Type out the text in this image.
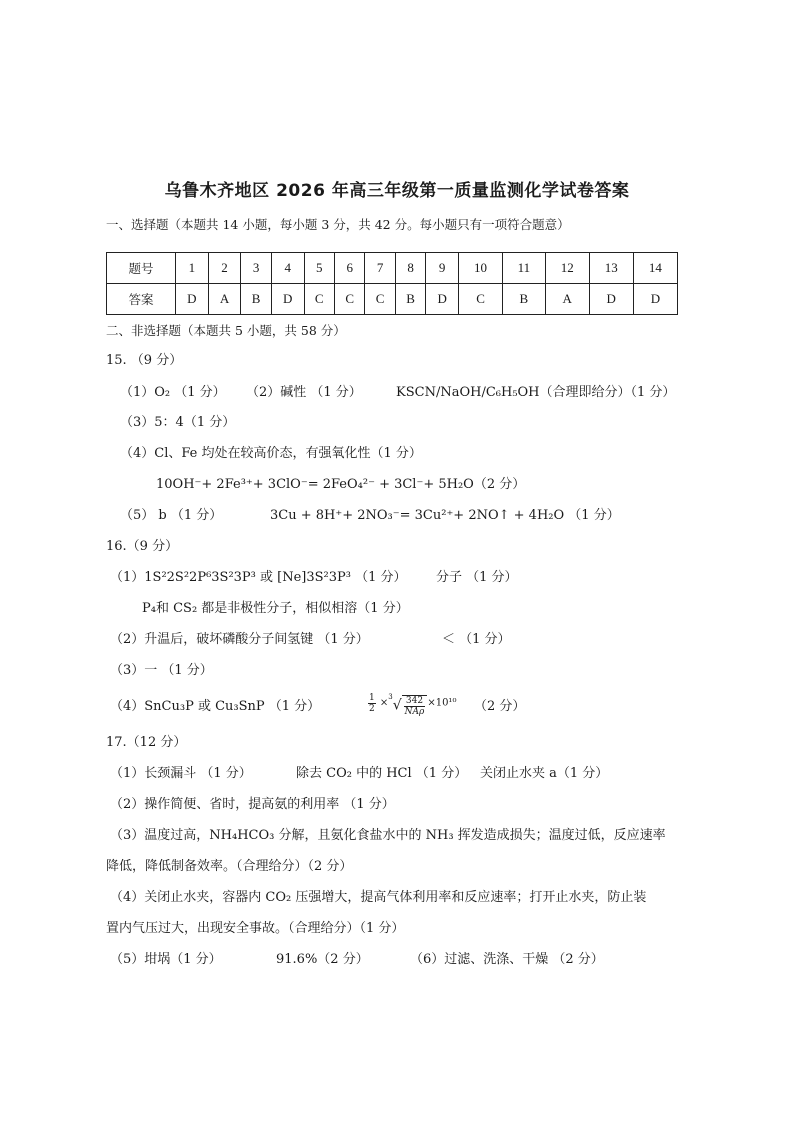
乌鲁木齐地区 2026 年高三年级第一质量监测化学试卷答案
一、选择题（本题共 14 小题，每小题 3 分，共 42 分。每小题只有一项符合题意）
题号	1	2	3	4	5	6	7	8	9	10	11	12	13	14
答案	D	A	B	D	C	C	C	B	D	C	B	A	D	D
二、非选择题（本题共 5 小题，共 58 分）
15. （9 分）
（1）O₂ （1 分） （2）碱性 （1 分）	KSCN/NaOH/C₆H₅OH（合理即给分）（1 分）
（3）5：4（1 分）
（4）Cl、Fe 均处在较高价态，有强氧化性（1 分）
10OH⁻+ 2Fe³⁺+ 3ClO⁻= 2FeO₄²⁻ + 3Cl⁻+ 5H₂O（2 分）
（5） b （1 分）	3Cu + 8H⁺+ 2NO₃⁻= 3Cu²⁺+ 2NO↑ + 4H₂O （1 分）
16.（9 分）
（1）1S²2S²2P⁶3S²3P³ 或 [Ne]3S²3P³ （1 分） 分子 （1 分）
P₄和 CS₂ 都是非极性分子，相似相溶（1 分）
（2）升温后，破坏磷酸分子间氢键 （1 分）	＜ （1 分）
（3）一 （1 分）
（4）SnCu₃P 或 Cu₃SnP （1 分）	$\frac{1}{2} \times^3√ \frac{342}{\text{NAρ}} \times 10^{10}$ （2 分）
17.（12 分）
（1）长颈漏斗 （1 分）	除去 CO₂ 中的 HCl （1 分） 关闭止水夹 a（1 分）
（2）操作简便、省时，提高氨的利用率 （1 分）
（3）温度过高，NH₄HCO₃ 分解，且氨化食盐水中的 NH₃ 挥发造成损失；温度过低，反应速率
降低，降低制备效率。（合理给分）（2 分）
（4）关闭止水夹，容器内 CO₂ 压强增大，提高气体利用率和反应速率；打开止水夹，防止装
置内气压过大，出现安全事故。（合理给分）（1 分）
（5）坩埚（1 分）	91.6%（2 分）	（6）过滤、洗涤、干燥 （2 分）
